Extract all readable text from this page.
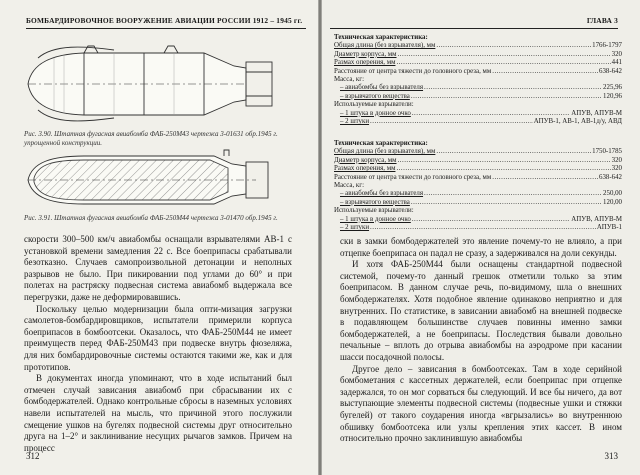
БОМБАРДИРОВОЧНОЕ ВООРУЖЕНИЕ АВИАЦИИ РОССИИ 1912 – 1945 гг.
Рис. 3.90. Штатная фугасная авиабомба ФАБ-250М43 чертежа 3-01631 обр.1945 г. упрощенной конструкции.
Рис. 3.91. Штатная фугасная авиабомба ФАБ-250М44 чертежа 3-01470 обр.1945 г.

скорости 300–500 км/ч авиабомбы оснащали взрывателями АВ-1 с установкой времени замедления 22 с. Все боеприпасы срабатывали безотказно. Случаев самопроизвольной детонации и неполных разрывов не было. При пикировании под углами до 60° и при полетах на растряску подвесная система авиабомб выдержала все перегрузки, даже не деформировавшись.

Поскольку целью модернизации была опти-мизация загрузки самолетов-бомбардировщиков, испытатели примерили корпуса боеприпасов в бомбоотсеки. Оказалось, что ФАБ-250М44 не имеет преимуществ перед ФАБ-250М43 при подвеске внутрь фюзеляжа, для них бомбардировочные системы остаются такими же, как и для прототипов.

В документах иногда упоминают, что в ходе испытаний был отмечен случай зависания авиабомб при сбрасывании их с бомбодержателей. Однако контрольные сбросы в наземных условиях навели испытателей на мысль, что причиной этого послужили смещение ушков на бугелях подвесной системы друг относительно друга на 1–2° и заклинивание несущих рычагов замков. Причем на процесс

312
ГЛАВА 3
Техническая характеристика:
Общая длина (без взрывателя), мм .....	1766-1797
Диаметр корпуса, мм .....	320
Размах оперения, мм .....	441
Расстояние от центра тяжести до головного среза, мм .....	638-642
Масса, кг:
– авиабомбы без взрывателя .....	225,96
– взрывчатого вещества .....	120,96
Используемые взрыватели:
– 1 штука в донное очко .....	АПУВ, АПУВ-М
– 2 штуки .....	АПУВ-1, АВ-1, АВ-1д/у, АВД
Техническая характеристика:
Общая длина (без взрывателя), мм .....	1750-1785
Диаметр корпуса, мм .....	320
Размах оперения, мм .....	320
Расстояние от центра тяжести до головного среза, мм .....	638-642
Масса, кг:
– авиабомбы без взрывателя .....	250,00
– взрывчатого вещества .....	120,00
Используемые взрыватели:
– 1 штука в донное очко .....	АПУВ, АПУВ-М
– 2 штуки .....	АПУВ-1

ски в замки бомбодержателей это явление почему-то не влияло, а при отцепке боеприпаса он падал не сразу, а задерживался на доли секунды.

И хотя ФАБ-250М44 были оснащены стандартной подвесной системой, почему-то данный грешок отметили только за этим боеприпасом. В данном случае речь, по-видимому, шла о внешних бомбодержателях. Хотя подобное явление одинаково неприятно и для внутренних. По статистике, в зависании авиабомб на внешней подвеске в подавляющем большинстве случаев повинны именно замки бомбодержателей, а не боеприпасы. Последствия бывали довольно печальные – вплоть до отрыва авиабомбы на аэродроме при касании шасси посадочной полосы.

Другое дело – зависания в бомбоотсеках. Там в ходе серийной бомбометания с кассетных держателей, если боеприпас при отцепке задержался, то он мог сорваться бы следующий. И все бы ничего, да вот выступающие элементы подвесной системы (подвесные ушки и стяжки бугелей) от такого соударения иногда «вгрызались» во внутреннюю обшивку бомбоотсека или узлы крепления этих кассет. В ином относительно прочно заклинившую авиабомбы

313
